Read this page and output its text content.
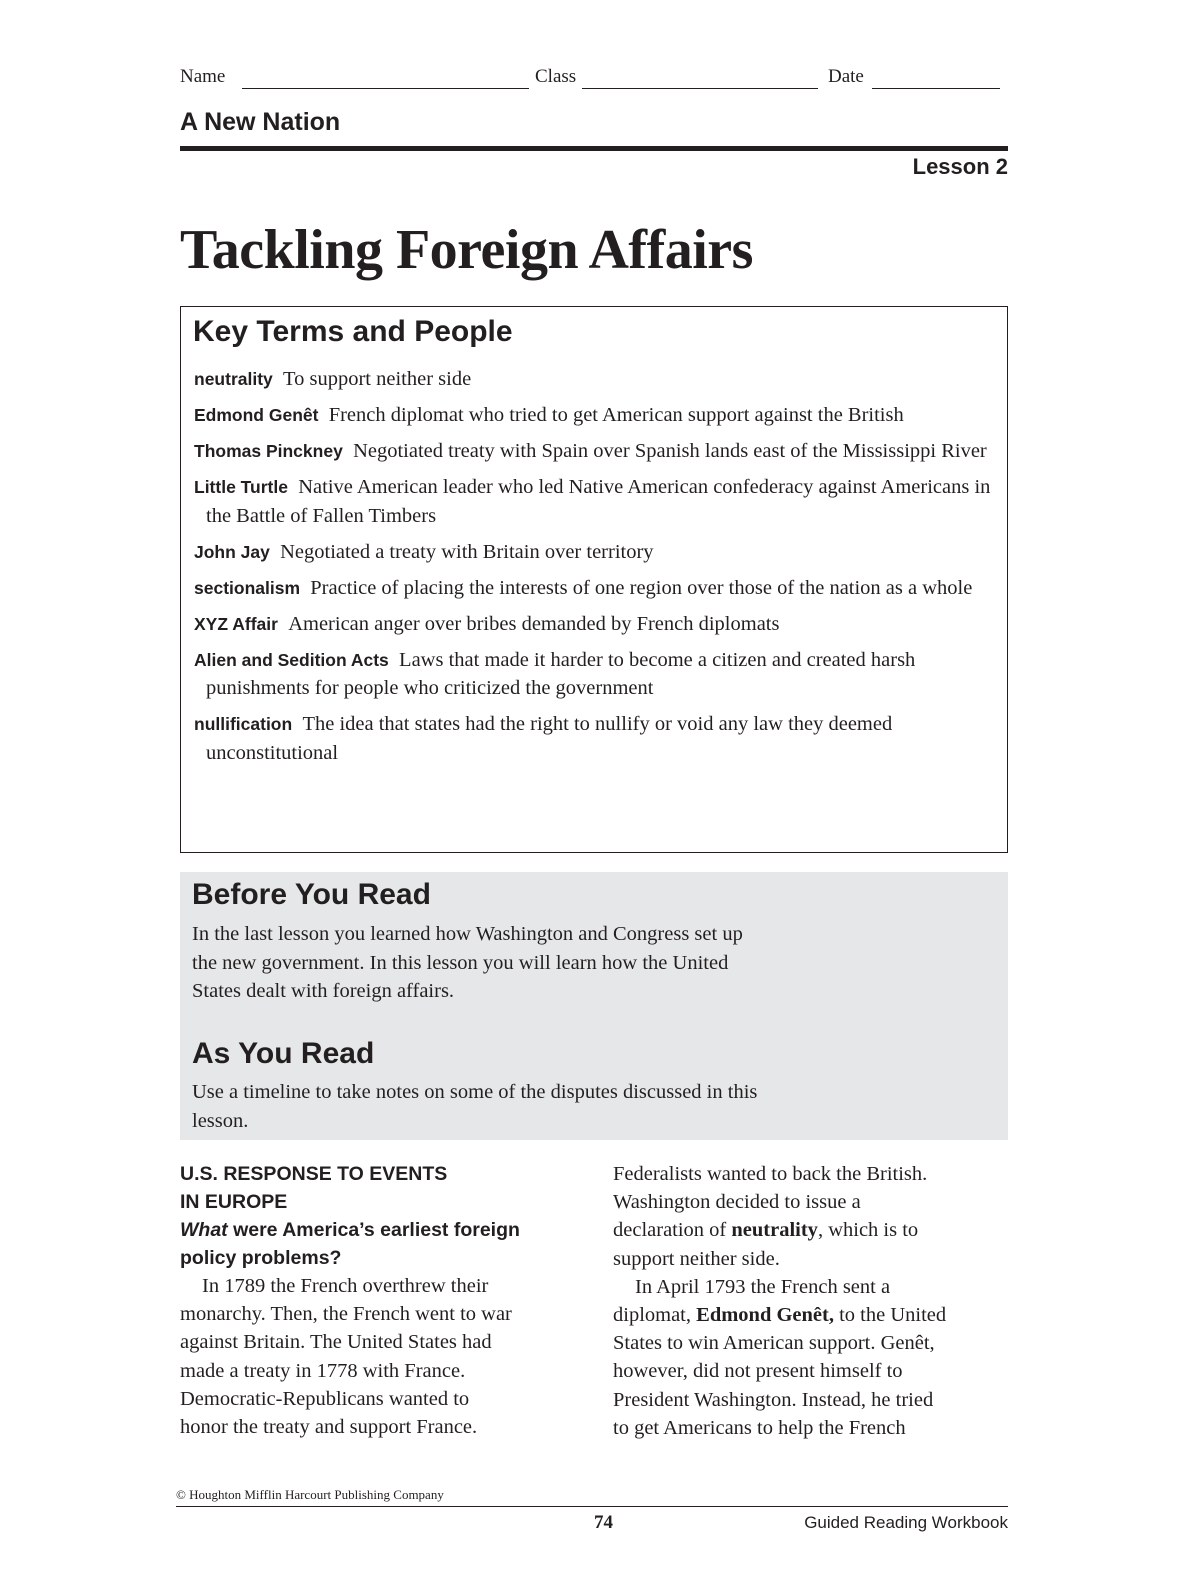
Name	Class	Date
A New Nation
Lesson 2
Tackling Foreign Affairs
Key Terms and People
neutrality To support neither side
Edmond Genêt French diplomat who tried to get American support against the British
Thomas Pinckney Negotiated treaty with Spain over Spanish lands east of the Mississippi River
Little Turtle Native American leader who led Native American confederacy against Americans in the Battle of Fallen Timbers
John Jay Negotiated a treaty with Britain over territory
sectionalism Practice of placing the interests of one region over those of the nation as a whole
XYZ Affair American anger over bribes demanded by French diplomats
Alien and Sedition Acts Laws that made it harder to become a citizen and created harsh punishments for people who criticized the government
nullification The idea that states had the right to nullify or void any law they deemed unconstitutional
Before You Read

In the last lesson you learned how Washington and Congress set up
the new government. In this lesson you will learn how the United
States dealt with foreign affairs.

As You Read

Use a timeline to take notes on some of the disputes discussed in this
lesson.

U.S. RESPONSE TO EVENTS
IN EUROPE
What were America’s earliest foreign
policy problems?

In 1789 the French overthrew their
monarchy. Then, the French went to war
against Britain. The United States had
made a treaty in 1778 with France.
Democratic-Republicans wanted to
honor the treaty and support France.

Federalists wanted to back the British.
Washington decided to issue a
declaration of neutrality, which is to
support neither side.

In April 1793 the French sent a
diplomat, Edmond Genêt, to the United
States to win American support. Genêt,
however, did not present himself to
President Washington. Instead, he tried
to get Americans to help the French

© Houghton Mifflin Harcourt Publishing Company
74	Guided Reading Workbook
